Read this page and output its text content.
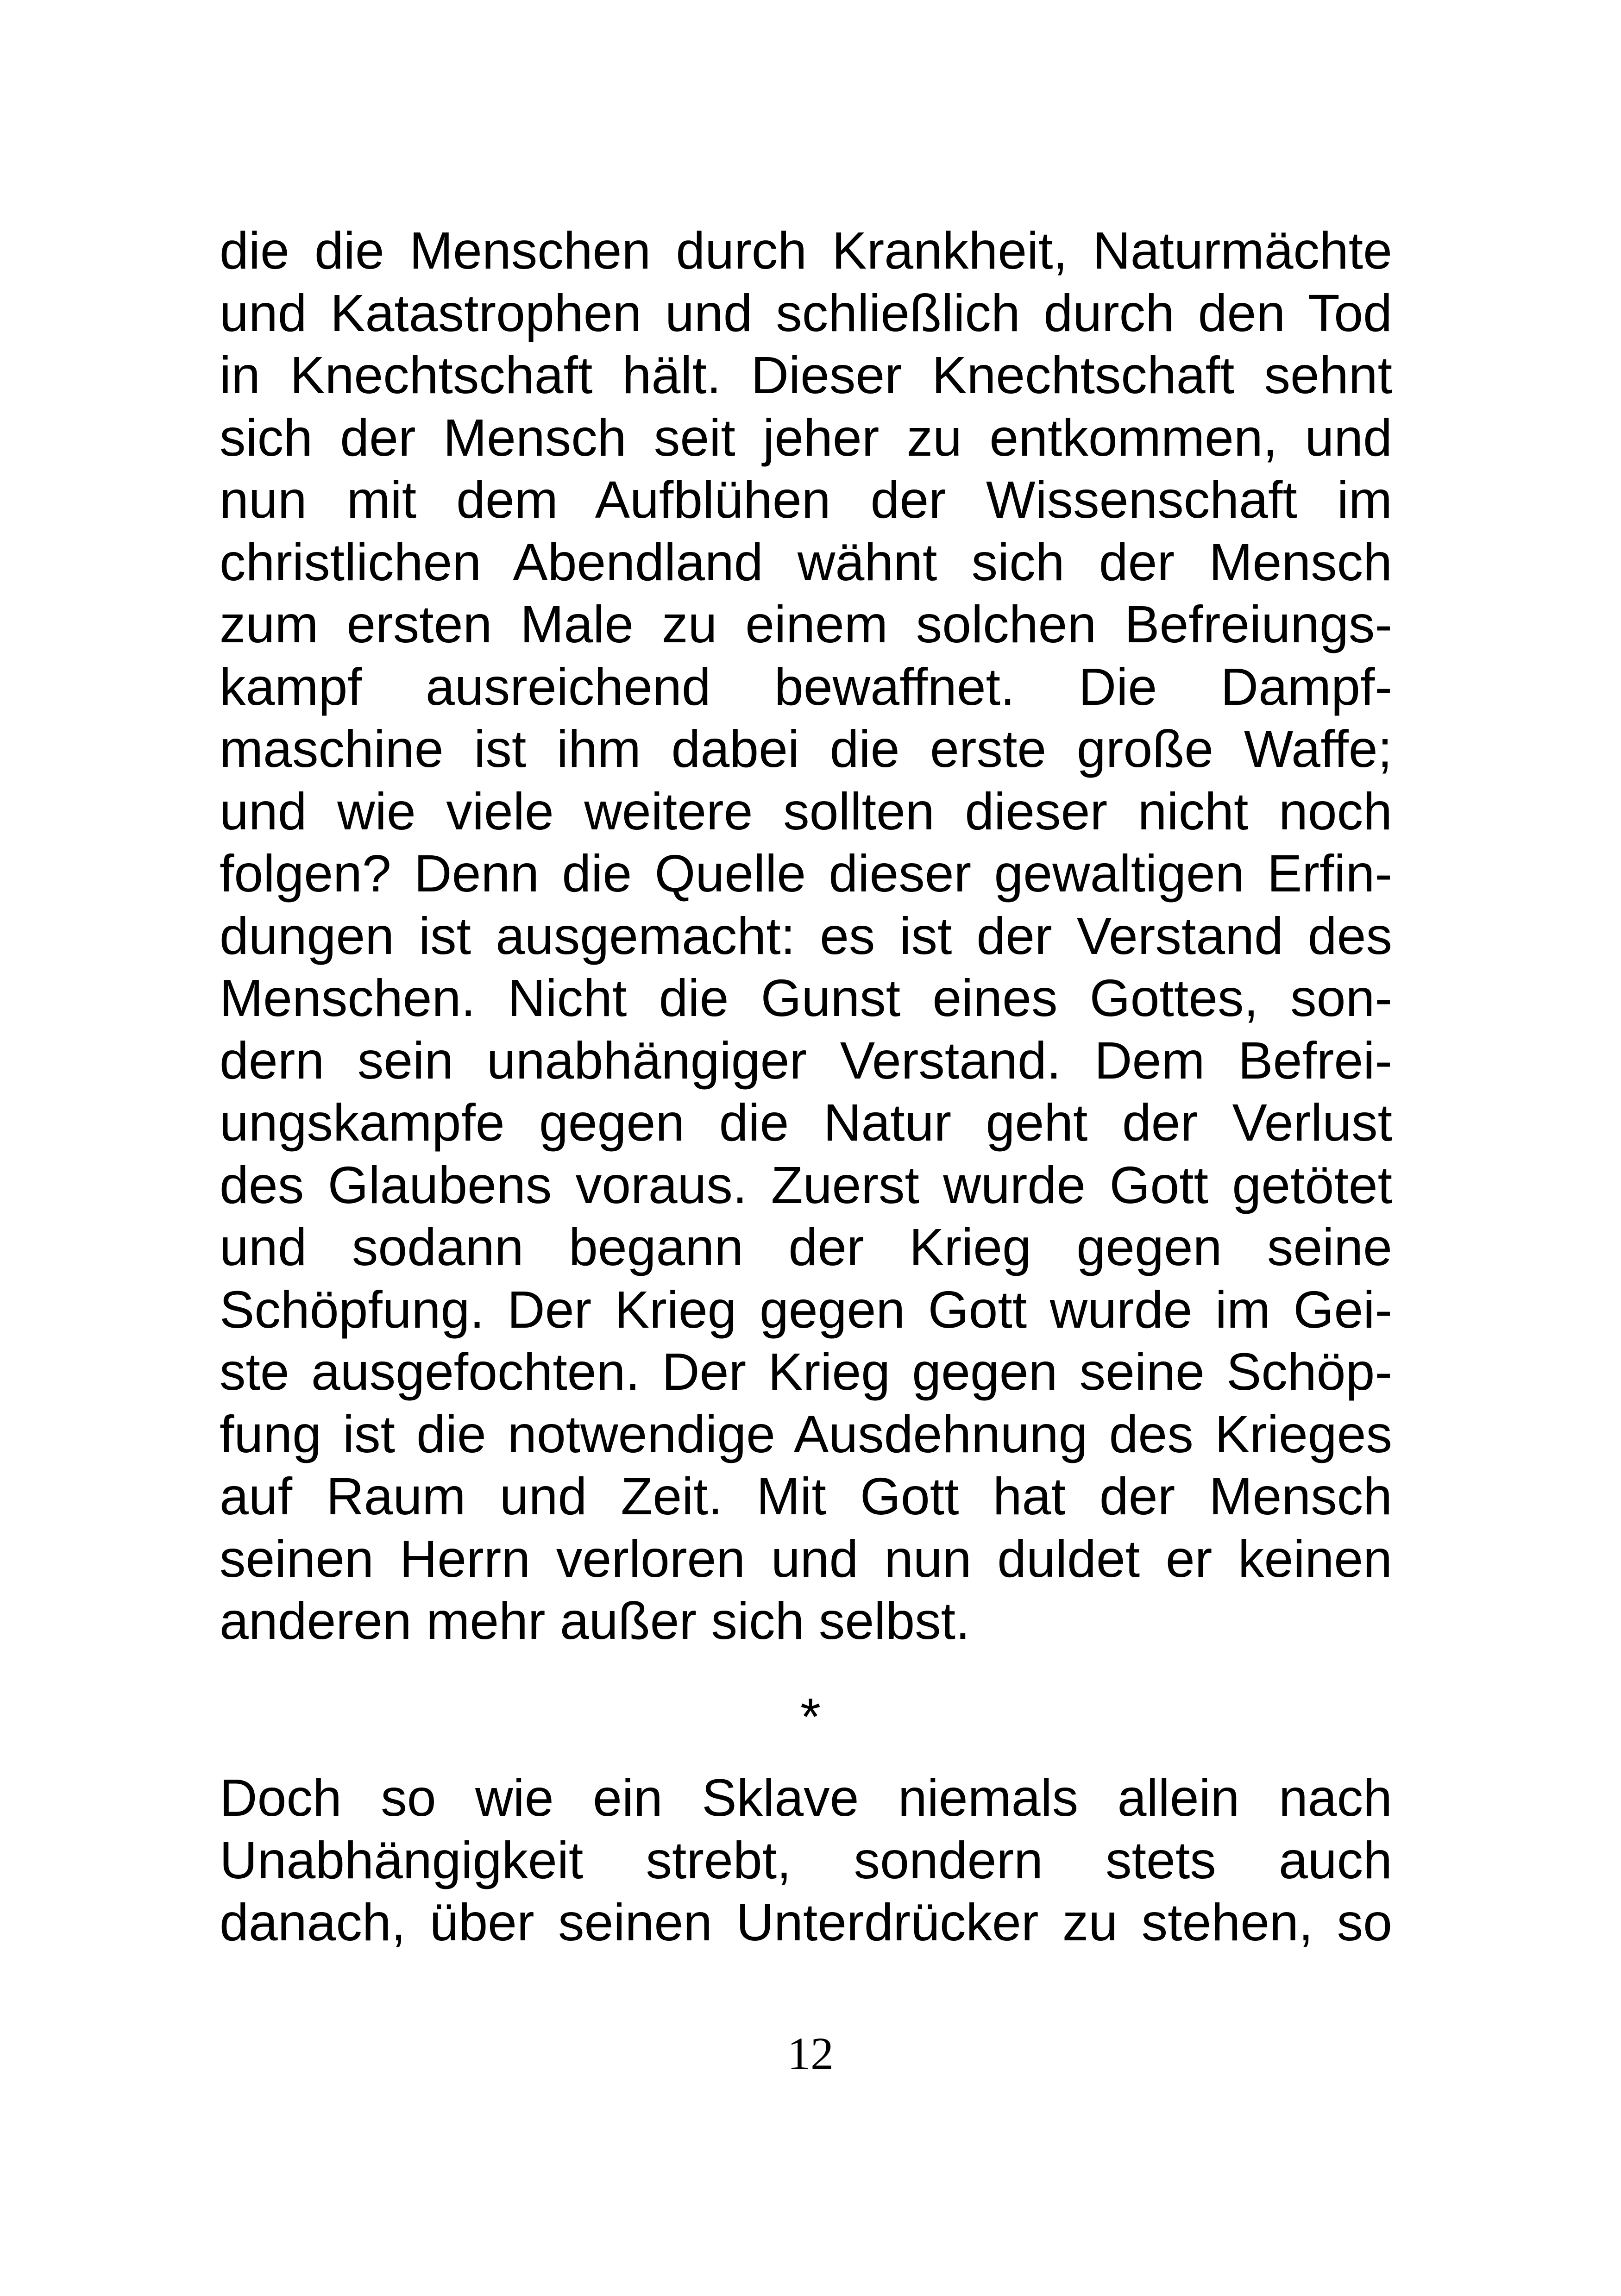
die die Menschen durch Krankheit, Naturmächte
und Katastrophen und schließlich durch den Tod
in Knechtschaft hält. Dieser Knechtschaft sehnt
sich der Mensch seit jeher zu entkommen, und
nun mit dem Aufblühen der Wissenschaft im
christlichen Abendland wähnt sich der Mensch
zum ersten Male zu einem solchen Befreiungs-
kampf ausreichend bewaffnet. Die Dampf-
maschine ist ihm dabei die erste große Waffe;
und wie viele weitere sollten dieser nicht noch
folgen? Denn die Quelle dieser gewaltigen Erfin-
dungen ist ausgemacht: es ist der Verstand des
Menschen. Nicht die Gunst eines Gottes, son-
dern sein unabhängiger Verstand. Dem Befrei-
ungskampfe gegen die Natur geht der Verlust
des Glaubens voraus. Zuerst wurde Gott getötet
und sodann begann der Krieg gegen seine
Schöpfung. Der Krieg gegen Gott wurde im Gei-
ste ausgefochten. Der Krieg gegen seine Schöp-
fung ist die notwendige Ausdehnung des Krieges
auf Raum und Zeit. Mit Gott hat der Mensch
seinen Herrn verloren und nun duldet er keinen
anderen mehr außer sich selbst.
*
Doch so wie ein Sklave niemals allein nach
Unabhängigkeit strebt, sondern stets auch
danach, über seinen Unterdrücker zu stehen, so
12
